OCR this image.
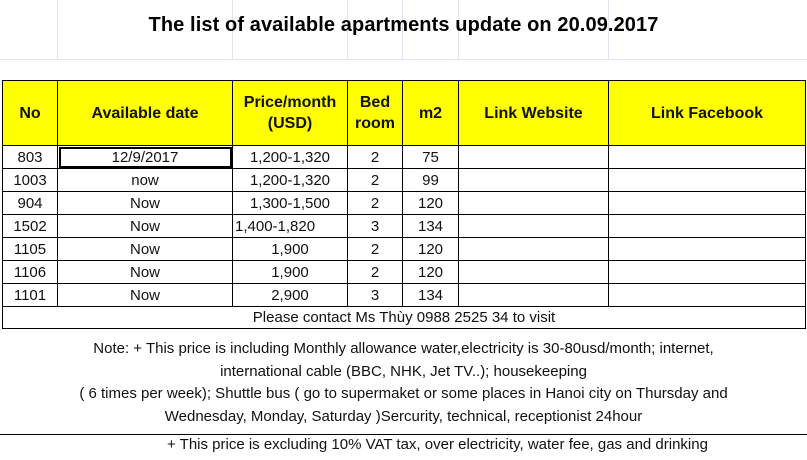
The list of available apartments update on 20.09.2017
No	Available date	Price/month (USD)	Bed room	m2	Link Website	Link Facebook
803	12/9/2017	1,200-1,320	2	75		
1003	now	1,200-1,320	2	99		
904	Now	1,300-1,500	2	120		
1502	Now	1,400-1,820	3	134		
1105	Now	1,900	2	120		
1106	Now	1,900	2	120		
1101	Now	2,900	3	134		
Please contact Ms Thùy 0988 2525 34 to visit						
Note: + This price is including Monthly allowance water,electricity is 30-80usd/month; internet,
international cable (BBC, NHK, Jet TV..); housekeeping
( 6 times per week); Shuttle bus ( go to supermaket or some places in Hanoi city on Thursday and
Wednesday, Monday, Saturday )Sercurity, technical, receptionist 24hour
+ This price is excluding 10% VAT tax, over electricity, water fee, gas and drinking
